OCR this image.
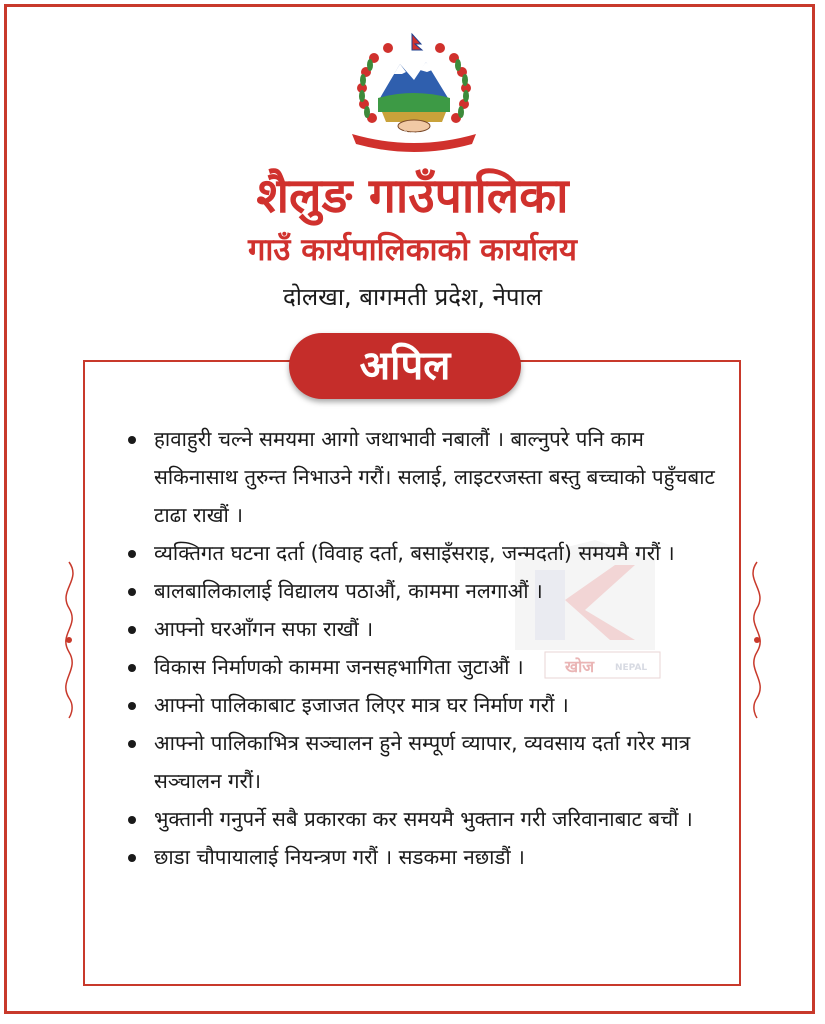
जननी जन्मभूमिश्च स्वर्गादपि गरीयसी
शैलुङ गाउँपालिका
गाउँ कार्यपालिकाको कार्यालय
दोलखा, बागमती प्रदेश, नेपाल
खोज NEPAL
अपिल
हावाहुरी चल्ने समयमा आगो जथाभावी नबालौं । बाल्नुपरे पनि काम सकिनासाथ तुरुन्त निभाउने गरौं। सलाई, लाइटरजस्ता बस्तु बच्चाको पहुँचबाट टाढा राखौं ।
व्यक्तिगत घटना दर्ता (विवाह दर्ता, बसाइँसराइ, जन्मदर्ता) समयमै गरौं ।
बालबालिकालाई विद्यालय पठाऔं, काममा नलगाऔं ।
आफ्नो घरआँगन सफा राखौं ।
विकास निर्माणको काममा जनसहभागिता जुटाऔं ।
आफ्नो पालिकाबाट इजाजत लिएर मात्र घर निर्माण गरौं ।
आफ्नो पालिकाभित्र सञ्चालन हुने सम्पूर्ण व्यापार, व्यवसाय दर्ता गरेर मात्र सञ्चालन गरौं।
भुक्तानी गनुपर्ने सबै प्रकारका कर समयमै भुक्तान गरी जरिवानाबाट बचौं ।
छाडा चौपायालाई नियन्त्रण गरौं । सडकमा नछाडौं ।
